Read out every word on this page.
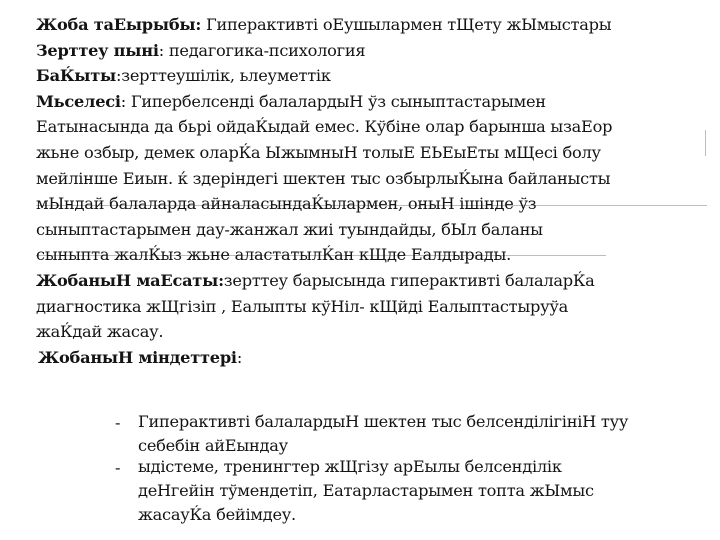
Жоба таЕырыбы: Гиперактивті оЕушылармен тЩету жЫмыстары
Зерттеу пыні: педагогика-психология
БаЌыты:зерттеушілік, ьлеуметтік
Мьселесі: Гипербелсенді балалардыН ўз сыныптастарымен
Еатынасында да бьрі ойдаЌыдай емес. Кўбіне олар барынша ызаЕор
жьне озбыр, демек оларЌа ЫжымныН толыЕ ЕЬЕыЕты мЩесі болу
мейлінше Еиын. ќ здеріндегі шектен тыс озбырлыЌына байланысты
мЫндай балаларда айналасындаЌылармен, оныН ішінде ўз
сыныптастарымен дау-жанжал жиі туындайды, бЫл баланы
сыныпта жалЌыз жьне аластатылЌан кЩде Еалдырады.
ЖобаныН маЕсаты:зерттеу барысында гиперактивті балаларЌа
диагностика жЩгізіп , Еалыпты кўНіл- кЩйді Еалыптастыруўа
жаЌдай жасау.
ЖобаныН міндеттері:
-	Гиперактивті балалардыН шектен тыс белсенділігініН туу
себебін айЕындау
-	ыдістеме, тренингтер жЩгізу арЕылы белсенділік
деНгейін тўмендетіп, Еатарластарымен топта жЫмыс
жасауЌа бейімдеу.
